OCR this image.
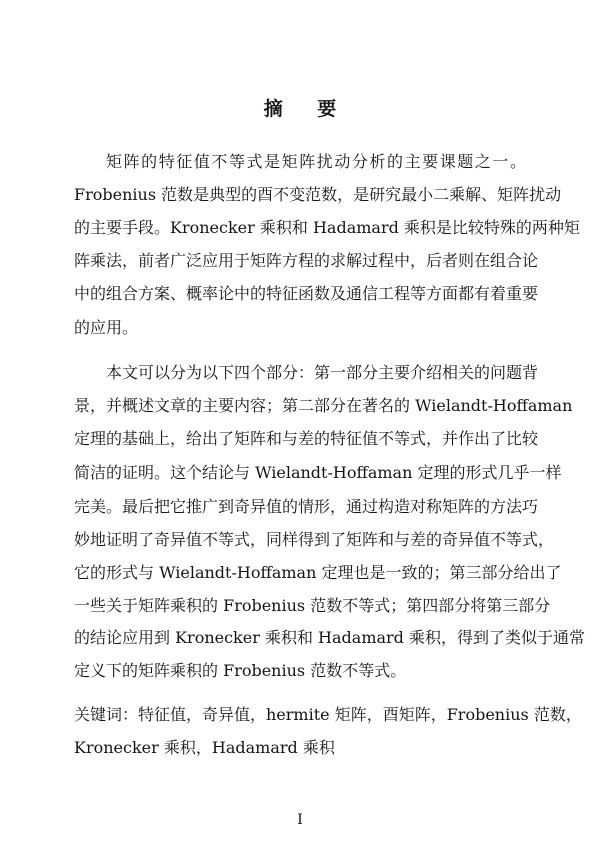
摘 要
矩阵的特征值不等式是矩阵扰动分析的主要课题之一。
Frobenius 范数是典型的酉不变范数，是研究最小二乘解、矩阵扰动
的主要手段。Kronecker 乘积和 Hadamard 乘积是比较特殊的两种矩
阵乘法，前者广泛应用于矩阵方程的求解过程中，后者则在组合论
中的组合方案、概率论中的特征函数及通信工程等方面都有着重要
的应用。
本文可以分为以下四个部分：第一部分主要介绍相关的问题背
景，并概述文章的主要内容；第二部分在著名的 Wielandt-Hoffaman
定理的基础上，给出了矩阵和与差的特征值不等式，并作出了比较
简洁的证明。这个结论与 Wielandt-Hoffaman 定理的形式几乎一样
完美。最后把它推广到奇异值的情形，通过构造对称矩阵的方法巧
妙地证明了奇异值不等式，同样得到了矩阵和与差的奇异值不等式，
它的形式与 Wielandt-Hoffaman 定理也是一致的；第三部分给出了
一些关于矩阵乘积的 Frobenius 范数不等式；第四部分将第三部分
的结论应用到 Kronecker 乘积和 Hadamard 乘积，得到了类似于通常
定义下的矩阵乘积的 Frobenius 范数不等式。
关键词：特征值，奇异值，hermite 矩阵，酉矩阵，Frobenius 范数，
Kronecker 乘积，Hadamard 乘积
I
